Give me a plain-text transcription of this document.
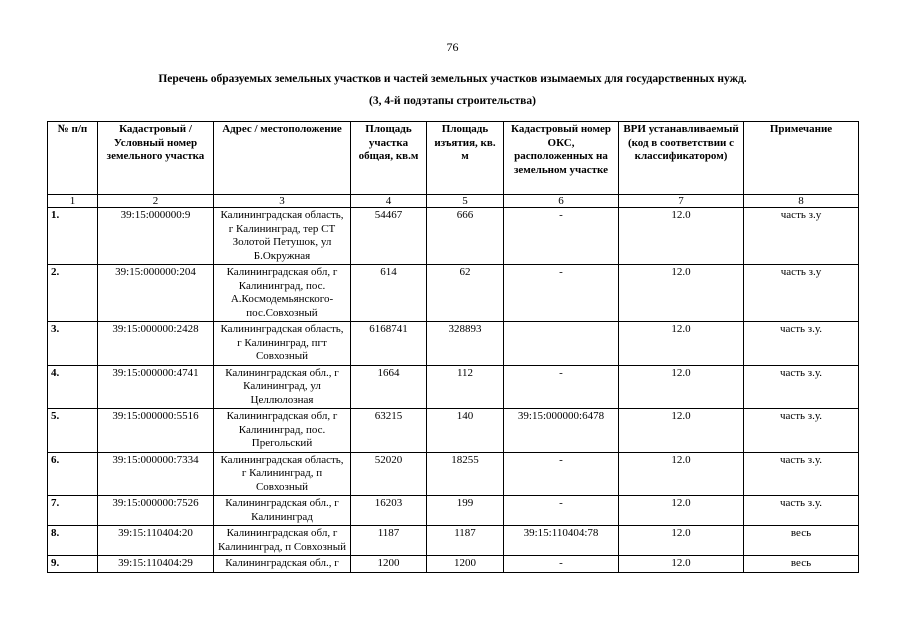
76
Перечень образуемых земельных участков и частей земельных участков изымаемых для государственных нужд.
(3, 4-й подэтапы строительства)
№ п/п	Кадастровый / Условный номер земельного участка	Адрес / местоположение	Площадь участка общая, кв.м	Площадь изъятия, кв. м	Кадастровый номер ОКС, расположенных на земельном участке	ВРИ устанавливаемый (код в соответствии с классификатором)	Примечание
1	2	3	4	5	6	7	8
1.	39:15:000000:9	Калининградская область, г Калининград, тер СТ Золотой Петушок, ул Б.Окружная	54467	666	-	12.0	часть з.у
2.	39:15:000000:204	Калининградская обл, г Калининград, пос. А.Космодемьянского-пос.Совхозный	614	62	-	12.0	часть з.у
3.	39:15:000000:2428	Калининградская область, г Калининград, пгт Совхозный	6168741	328893		12.0	часть з.у.
4.	39:15:000000:4741	Калининградская обл., г Калининград, ул Целлюлозная	1664	112	-	12.0	часть з.у.
5.	39:15:000000:5516	Калининградская обл, г Калининград, пос. Прегольский	63215	140	39:15:000000:6478	12.0	часть з.у.
6.	39:15:000000:7334	Калининградская область, г Калининград, п Совхозный	52020	18255	-	12.0	часть з.у.
7.	39:15:000000:7526	Калининградская обл., г Калининград	16203	199	-	12.0	часть з.у.
8.	39:15:110404:20	Калининградская обл, г Калининград, п Совхозный	1187	1187	39:15:110404:78	12.0	весь
9.	39:15:110404:29	Калининградская обл., г	1200	1200	-	12.0	весь
